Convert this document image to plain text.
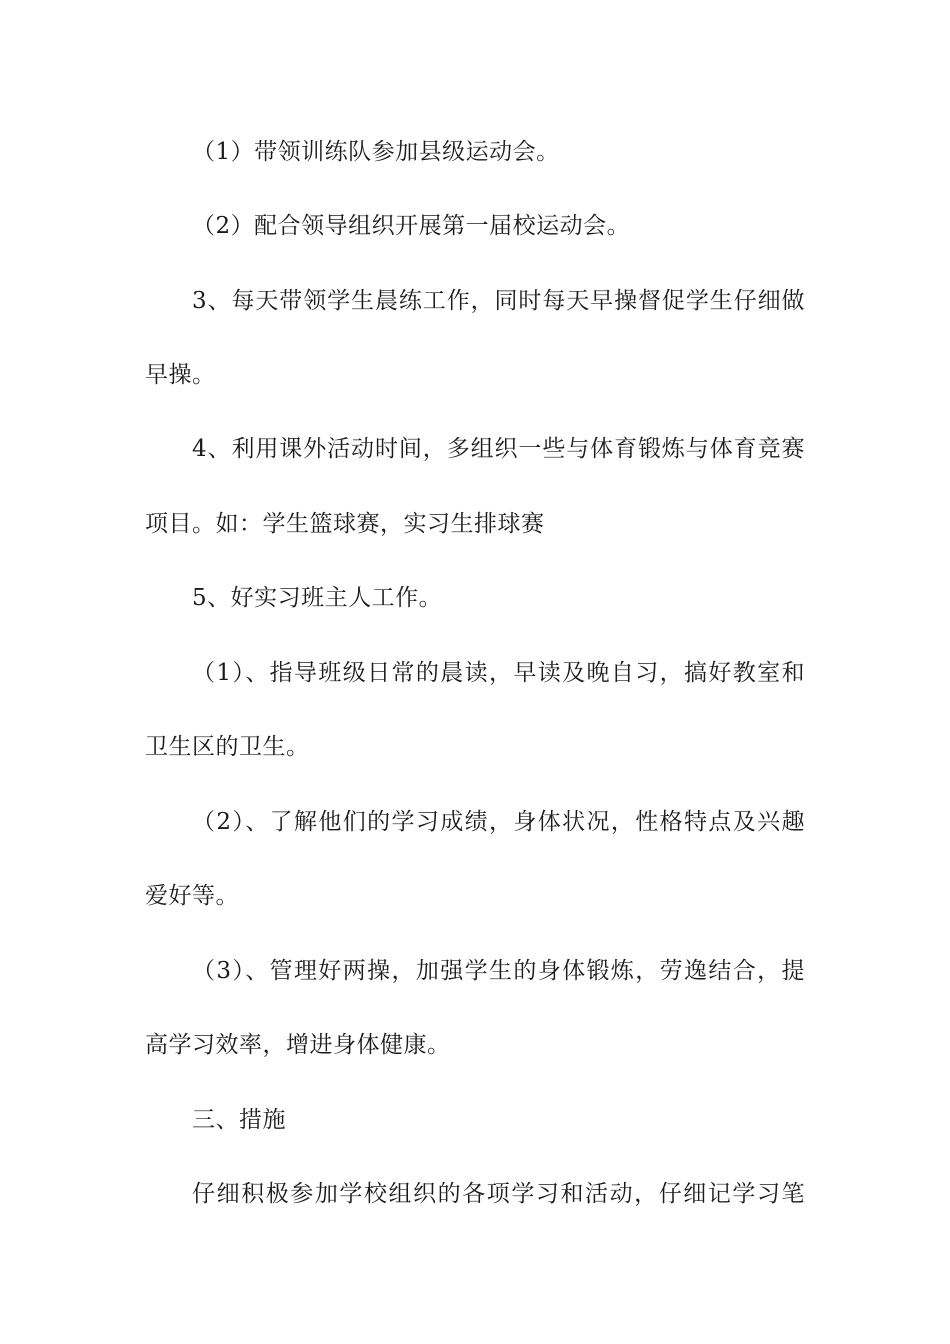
（1）带领训练队参加县级运动会。
（2）配合领导组织开展第一届校运动会。
3、每天带领学生晨练工作，同时每天早操督促学生仔细做
早操。
4、利用课外活动时间，多组织一些与体育锻炼与体育竞赛
项目。如：学生篮球赛，实习生排球赛
5、好实习班主人工作。
（1）、指导班级日常的晨读，早读及晚自习，搞好教室和
卫生区的卫生。
（2）、了解他们的学习成绩，身体状况，性格特点及兴趣
爱好等。
（3）、管理好两操，加强学生的身体锻炼，劳逸结合，提
高学习效率，增进身体健康。
三、措施
仔细积极参加学校组织的各项学习和活动，仔细记学习笔
